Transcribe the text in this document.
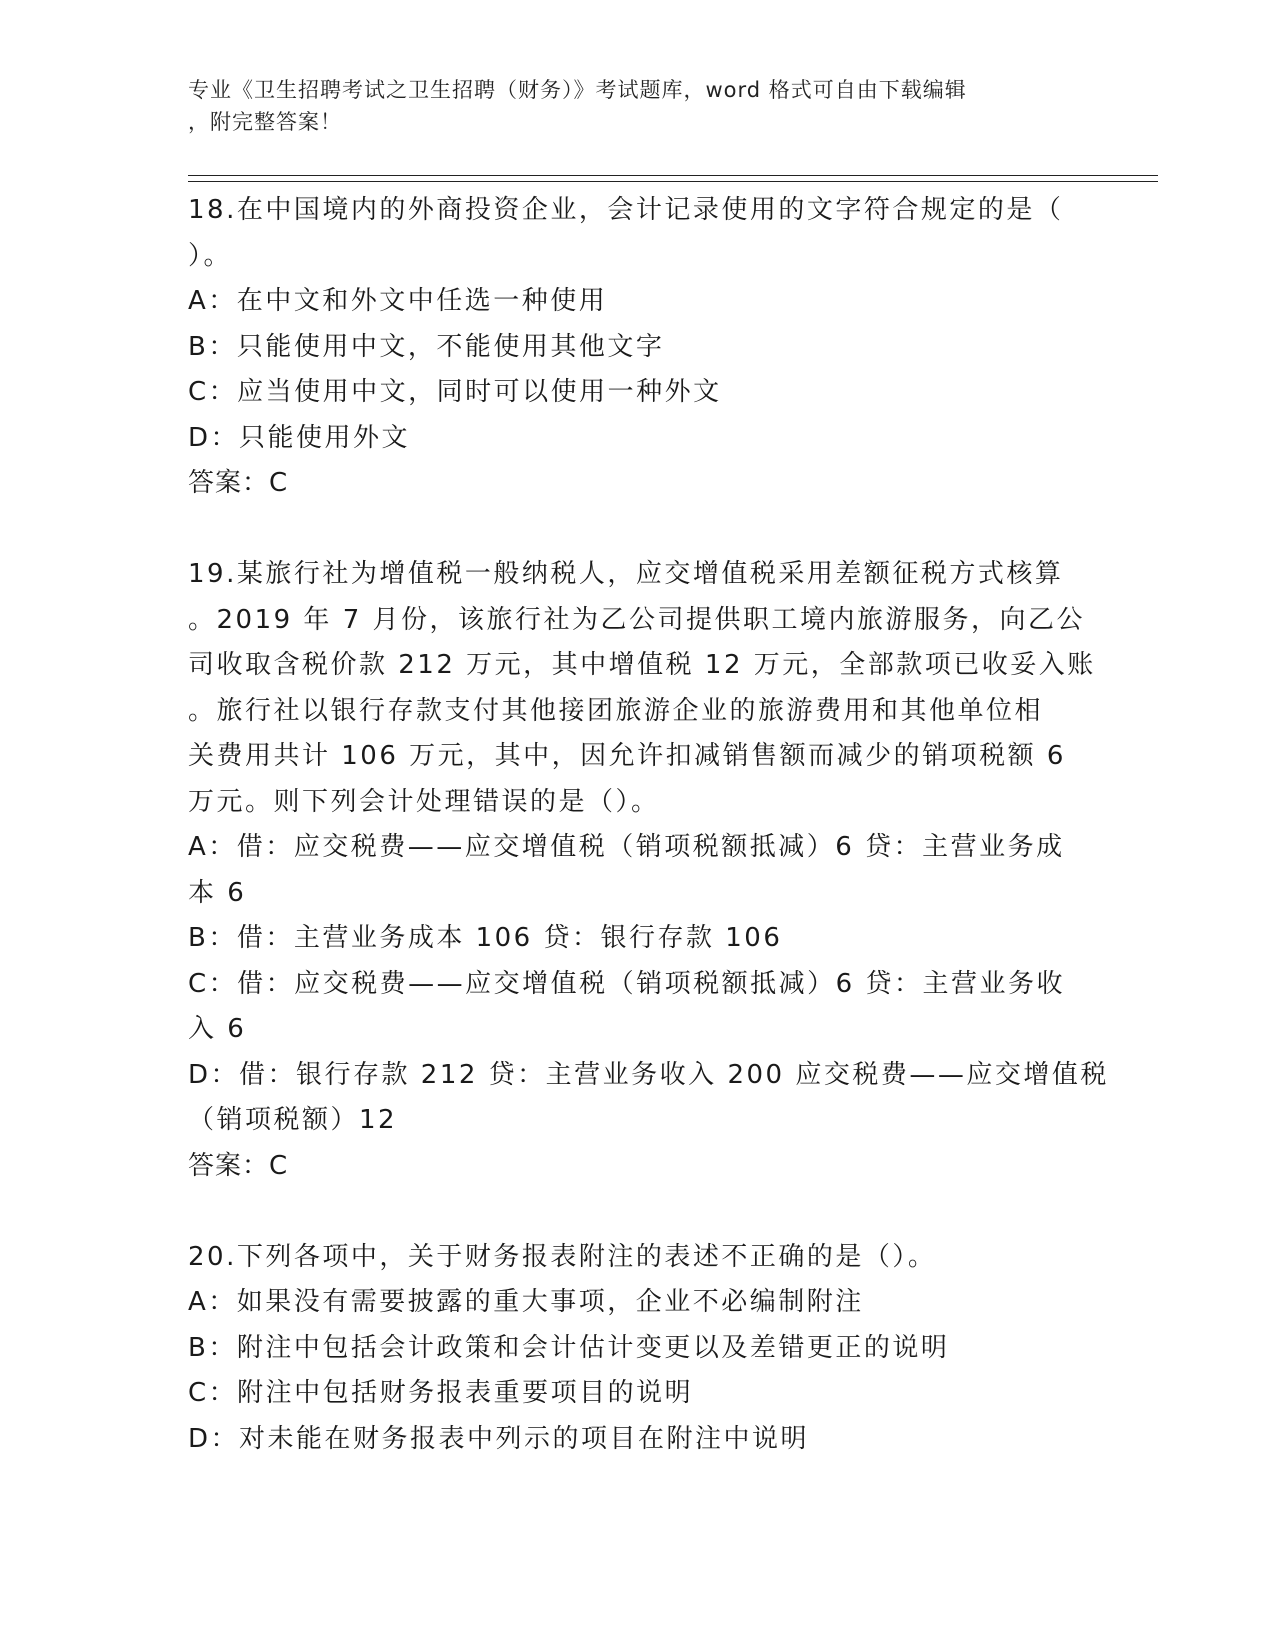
专业《卫生招聘考试之卫生招聘（财务）》考试题库，word 格式可自由下载编辑
，附完整答案！
18.在中国境内的外商投资企业，会计记录使用的文字符合规定的是（
）。
A：在中文和外文中任选一种使用
B：只能使用中文，不能使用其他文字
C：应当使用中文，同时可以使用一种外文
D：只能使用外文
答案：C
19.某旅行社为增值税一般纳税人，应交增值税采用差额征税方式核算
。2019 年 7 月份，该旅行社为乙公司提供职工境内旅游服务，向乙公
司收取含税价款 212 万元，其中增值税 12 万元，全部款项已收妥入账
。旅行社以银行存款支付其他接团旅游企业的旅游费用和其他单位相
关费用共计 106 万元，其中，因允许扣减销售额而减少的销项税额 6
万元。则下列会计处理错误的是（）。
A：借：应交税费——应交增值税（销项税额抵减）6 贷：主营业务成
本 6
B：借：主营业务成本 106 贷：银行存款 106
C：借：应交税费——应交增值税（销项税额抵减）6 贷：主营业务收
入 6
D：借：银行存款 212 贷：主营业务收入 200 应交税费——应交增值税
（销项税额）12
答案：C
20.下列各项中，关于财务报表附注的表述不正确的是（）。
A：如果没有需要披露的重大事项，企业不必编制附注
B：附注中包括会计政策和会计估计变更以及差错更正的说明
C：附注中包括财务报表重要项目的说明
D：对未能在财务报表中列示的项目在附注中说明
